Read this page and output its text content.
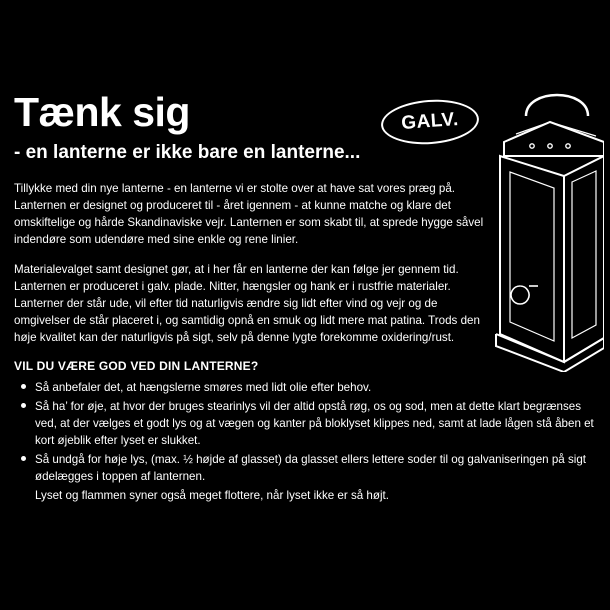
Tænk sig
- en lanterne er ikke bare en lanterne...
GALV.

Tillykke med din nye lanterne - en lanterne vi er stolte over at have sat vores præg på. Lanternen er designet og produceret til - året igennem - at kunne matche og klare det omskiftelige og hårde Skandinaviske vejr. Lanternen er som skabt til, at sprede hygge såvel indendøre som udendøre med sine enkle og rene linier.

Materialevalget samt designet gør, at i her får en lanterne der kan følge jer gennem tid. Lanternen er produceret i galv. plade. Nitter, hængsler og hank er i rustfrie materialer. Lanterner der står ude, vil efter tid naturligvis ændre sig lidt efter vind og vejr og de omgivelser de står placeret i, og samtidig opnå en smuk og lidt mere mat patina. Trods den høje kvalitet kan der naturligvis på sigt, selv på denne lygte forekomme oxidering/rust.

VIL DU VÆRE GOD VED DIN LANTERNE?
Så anbefaler det, at hængslerne smøres med lidt olie efter behov.
Så ha’ for øje, at hvor der bruges stearinlys vil der altid opstå røg, os og sod, men at dette klart begrænses ved, at der vælges et godt lys og at vægen og kanter på bloklyset klippes ned, samt at lade lågen stå åben et kort øjeblik efter lyset er slukket.
Så undgå for høje lys, (max. ½ højde af glasset) da glasset ellers lettere soder til og galvaniseringen på sigt ødelægges i toppen af lanternen.
Lyset og flammen syner også meget flottere, når lyset ikke er så højt.
